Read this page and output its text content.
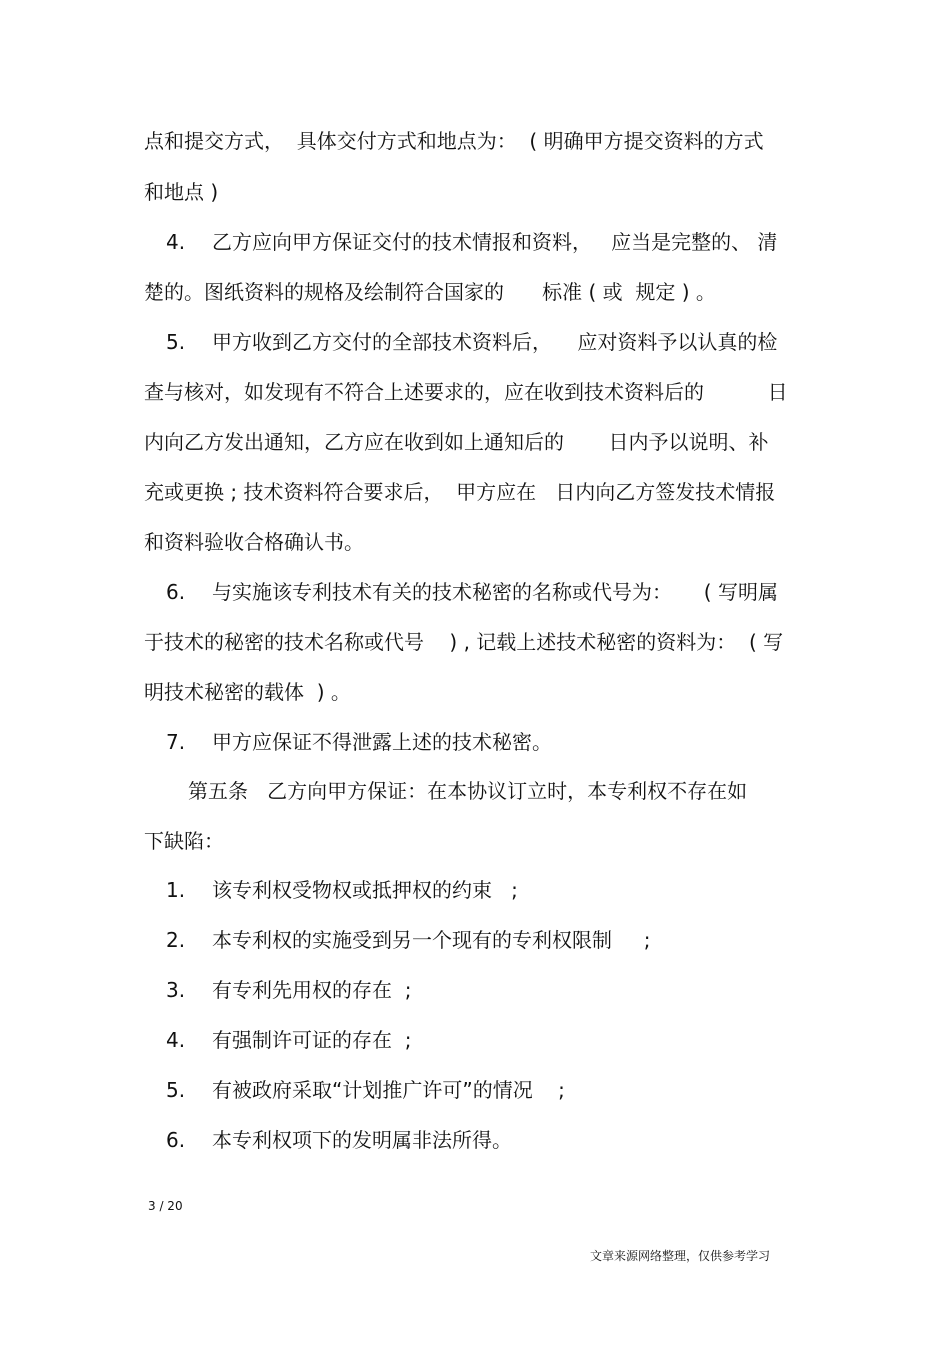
点和提交方式，  具体交付方式和地点为：  ( 明确甲方提交资料的方式
和地点 )
4. 乙方应向甲方保证交付的技术情报和资料，   应当是完整的、 清
楚的。图纸资料的规格及绘制符合国家的      标准 ( 或  规定 ) 。
5. 甲方收到乙方交付的全部技术资料后，    应对资料予以认真的检
查与核对，如发现有不符合上述要求的，应在收到技术资料后的          日
内向乙方发出通知，乙方应在收到如上通知后的       日内予以说明、补
充或更换 ; 技术资料符合要求后，  甲方应在   日内向乙方签发技术情报
和资料验收合格确认书。
6. 与实施该专利技术有关的技术秘密的名称或代号为：     ( 写明属
于技术的秘密的技术名称或代号    ) , 记载上述技术秘密的资料为：  ( 写
明技术秘密的载体  ) 。
7. 甲方应保证不得泄露上述的技术秘密。
第五条   乙方向甲方保证：在本协议订立时，本专利权不存在如
下缺陷：
1. 该专利权受物权或抵押权的约束   ;
2. 本专利权的实施受到另一个现有的专利权限制     ;
3. 有专利先用权的存在  ;
4. 有强制许可证的存在  ;
5. 有被政府采取“计划推广许可”的情况    ;
6. 本专利权项下的发明属非法所得。
3 / 20
文章来源网络整理，仅供参考学习
